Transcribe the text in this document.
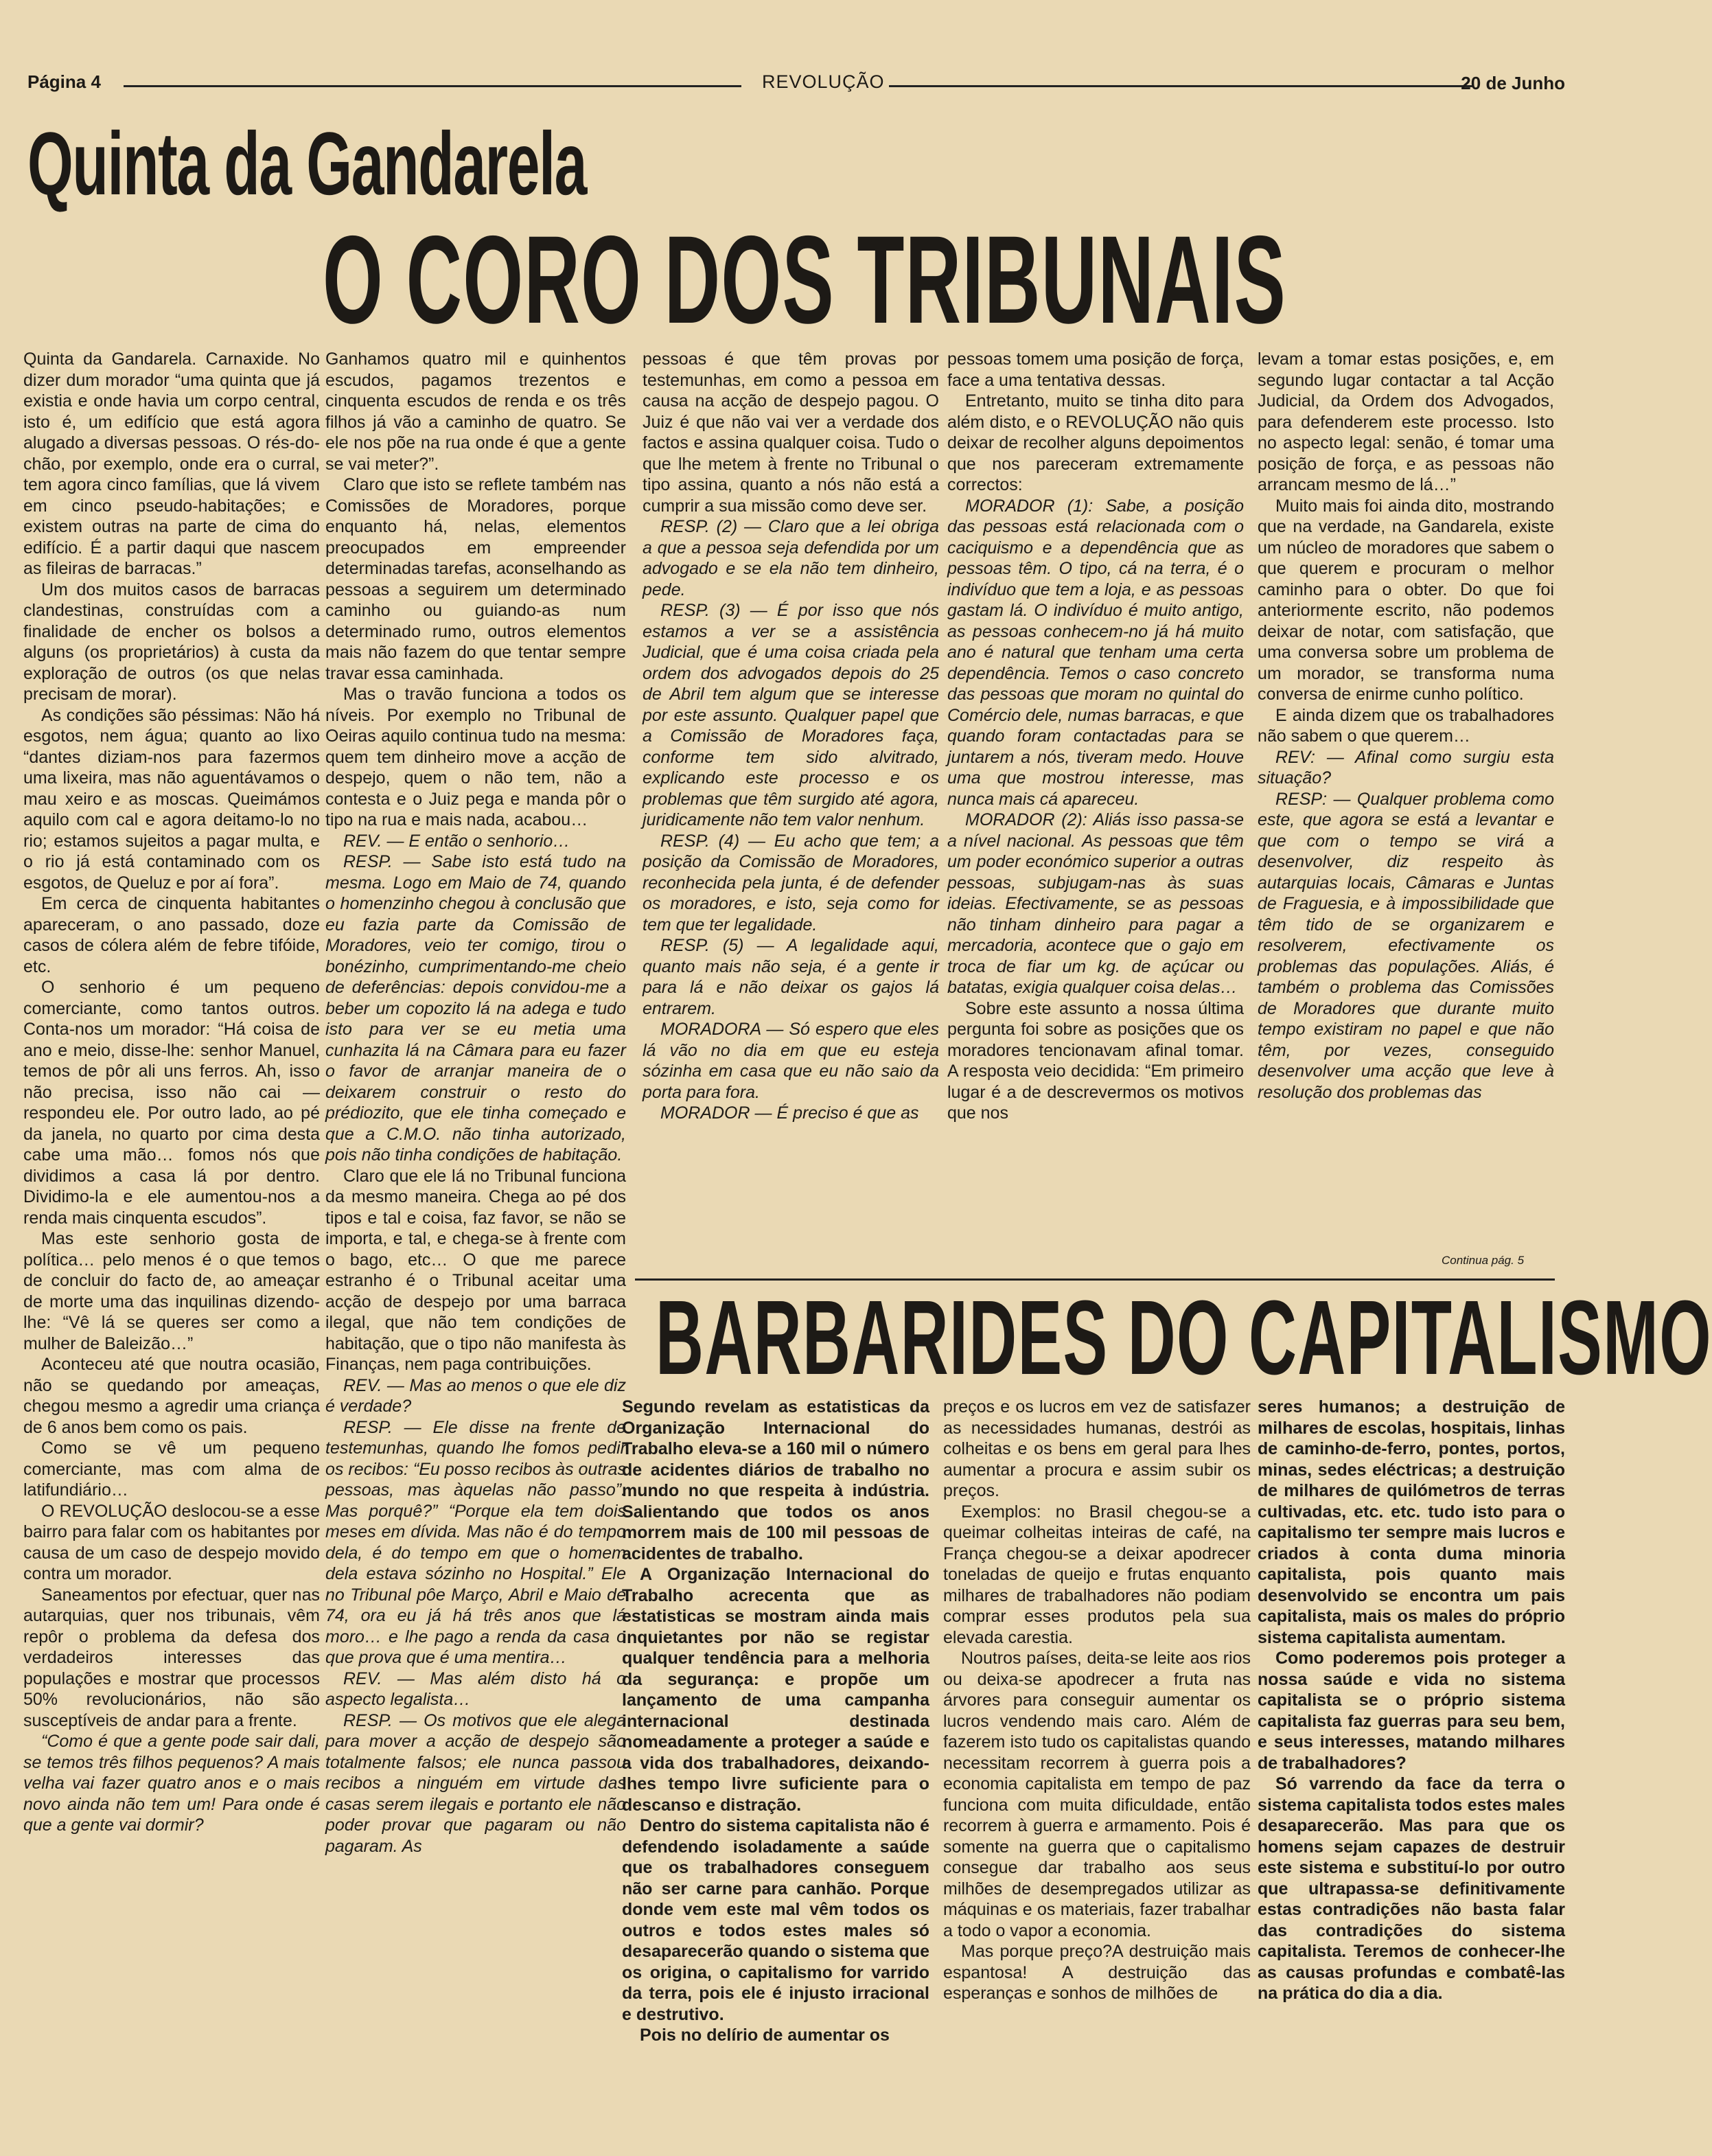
Página 4	REVOLUÇÃO	20 de Junho
Quinta da Gandarela
O CORO DOS TRIBUNAIS

Quinta da Gandarela. Carnaxide. No dizer dum morador “uma quinta que já existia e onde havia um corpo central, isto é, um edifício que está agora alugado a diversas pessoas. O rés-do-chão, por exemplo, onde era o curral, tem agora cinco famílias, que lá vivem em cinco pseudo-habitações; e existem outras na parte de cima do edifício. É a partir daqui que nascem as fileiras de barracas.”

Um dos muitos casos de barracas clandestinas, construídas com a finalidade de encher os bolsos a alguns (os proprietários) à custa da exploração de outros (os que nelas precisam de morar).

As condições são péssimas: Não há esgotos, nem água; quanto ao lixo “dantes diziam-nos para fazermos uma lixeira, mas não aguentávamos o mau xeiro e as moscas. Queimámos aquilo com cal e agora deitamo-lo no rio; estamos sujeitos a pagar multa, e o rio já está contaminado com os esgotos, de Queluz e por aí fora”.

Em cerca de cinquenta habitantes apareceram, o ano passado, doze casos de cólera além de febre tifóide, etc.

O senhorio é um pequeno comerciante, como tantos outros. Conta-nos um morador: “Há coisa de ano e meio, disse-lhe: senhor Manuel, temos de pôr ali uns ferros. Ah, isso não precisa, isso não cai — respondeu ele. Por outro lado, ao pé da janela, no quarto por cima desta cabe uma mão… fomos nós que dividimos a casa lá por dentro. Dividimo-la e ele aumentou-nos a renda mais cinquenta escudos”.

Mas este senhorio gosta de política… pelo menos é o que temos de concluir do facto de, ao ameaçar de morte uma das inquilinas dizendo-lhe: “Vê lá se queres ser como a mulher de Baleizão…”

Aconteceu até que noutra ocasião, não se quedando por ameaças, chegou mesmo a agredir uma criança de 6 anos bem como os pais.

Como se vê um pequeno comerciante, mas com alma de latifundiário…

O REVOLUÇÃO deslocou-se a esse bairro para falar com os habitantes por causa de um caso de despejo movido contra um morador.

Saneamentos por efectuar, quer nas autarquias, quer nos tribunais, vêm repôr o problema da defesa dos verdadeiros interesses das populações e mostrar que processos 50% revolucionários, não são susceptíveis de andar para a frente.

“Como é que a gente pode sair dali, se temos três filhos pequenos? A mais velha vai fazer quatro anos e o mais novo ainda não tem um! Para onde é que a gente vai dormir?

Ganhamos quatro mil e quinhentos escudos, pagamos trezentos e cinquenta escudos de renda e os três filhos já vão a caminho de quatro. Se ele nos põe na rua onde é que a gente se vai meter?”.

Claro que isto se reflete também nas Comissões de Moradores, porque enquanto há, nelas, elementos preocupados em empreender determinadas tarefas, aconselhando as pessoas a seguirem um determinado caminho ou guiando-as num determinado rumo, outros elementos mais não fazem do que tentar sempre travar essa caminhada.

Mas o travão funciona a todos os níveis. Por exemplo no Tribunal de Oeiras aquilo continua tudo na mesma: quem tem dinheiro move a acção de despejo, quem o não tem, não a contesta e o Juiz pega e manda pôr o tipo na rua e mais nada, acabou…

REV. — E então o senhorio…

RESP. — Sabe isto está tudo na mesma. Logo em Maio de 74, quando o homenzinho chegou à conclusão que eu fazia parte da Comissão de Moradores, veio ter comigo, tirou o bonézinho, cumprimentando-me cheio de deferências: depois convidou-me a beber um copozito lá na adega e tudo isto para ver se eu metia uma cunhazita lá na Câmara para eu fazer o favor de arranjar maneira de o deixarem construir o resto do prédiozito, que ele tinha começado e que a C.M.O. não tinha autorizado, pois não tinha condições de habitação.

Claro que ele lá no Tribunal funciona da mesmo maneira. Chega ao pé dos tipos e tal e coisa, faz favor, se não se importa, e tal, e chega-se à frente com o bago, etc… O que me parece estranho é o Tribunal aceitar uma acção de despejo por uma barraca ilegal, que não tem condições de habitação, que o tipo não manifesta às Finanças, nem paga contribuições.

REV. — Mas ao menos o que ele diz é verdade?

RESP. — Ele disse na frente de testemunhas, quando lhe fomos pedir os recibos: “Eu posso recibos às outras pessoas, mas àquelas não passo”. Mas porquê?” “Porque ela tem dois meses em dívida. Mas não é do tempo dela, é do tempo em que o homem dela estava sózinho no Hospital.” Ele no Tribunal pôe Março, Abril e Maio de 74, ora eu já há três anos que lá moro… e lhe pago a renda da casa o que prova que é uma mentira…

REV. — Mas além disto há o aspecto legalista…

RESP. — Os motivos que ele alega para mover a acção de despejo são totalmente falsos; ele nunca passou recibos a ninguém em virtude das casas serem ilegais e portanto ele não poder provar que pagaram ou não pagaram. As

pessoas é que têm provas por testemunhas, em como a pessoa em causa na acção de despejo pagou. O Juiz é que não vai ver a verdade dos factos e assina qualquer coisa. Tudo o que lhe metem à frente no Tribunal o tipo assina, quanto a nós não está a cumprir a sua missão como deve ser.

RESP. (2) — Claro que a lei obriga a que a pessoa seja defendida por um advogado e se ela não tem dinheiro, pede.

RESP. (3) — É por isso que nós estamos a ver se a assistência Judicial, que é uma coisa criada pela ordem dos advogados depois do 25 de Abril tem algum que se interesse por este assunto. Qualquer papel que a Comissão de Moradores faça, conforme tem sido alvitrado, explicando este processo e os problemas que têm surgido até agora, juridicamente não tem valor nenhum.

RESP. (4) — Eu acho que tem; a posição da Comissão de Moradores, reconhecida pela junta, é de defender os moradores, e isto, seja como for tem que ter legalidade.

RESP. (5) — A legalidade aqui, quanto mais não seja, é a gente ir para lá e não deixar os gajos lá entrarem.

MORADORA — Só espero que eles lá vão no dia em que eu esteja sózinha em casa que eu não saio da porta para fora.

MORADOR — É preciso é que as

pessoas tomem uma posição de força, face a uma tentativa dessas.

Entretanto, muito se tinha dito para além disto, e o REVOLUÇÃO não quis deixar de recolher alguns depoimentos que nos pareceram extremamente correctos:

MORADOR (1): Sabe, a posição das pessoas está relacionada com o caciquismo e a dependência que as pessoas têm. O tipo, cá na terra, é o indivíduo que tem a loja, e as pessoas gastam lá. O indivíduo é muito antigo, as pessoas conhecem-no já há muito ano é natural que tenham uma certa dependência. Temos o caso concreto das pessoas que moram no quintal do Comércio dele, numas barracas, e que quando foram contactadas para se juntarem a nós, tiveram medo. Houve uma que mostrou interesse, mas nunca mais cá apareceu.

MORADOR (2): Aliás isso passa-se a nível nacional. As pessoas que têm um poder económico superior a outras pessoas, subjugam-nas às suas ideias. Efectivamente, se as pessoas não tinham dinheiro para pagar a mercadoria, acontece que o gajo em troca de fiar um kg. de açúcar ou batatas, exigia qualquer coisa delas…

Sobre este assunto a nossa última pergunta foi sobre as posições que os moradores tencionavam afinal tomar. A resposta veio decidida: “Em primeiro lugar é a de descrevermos os motivos que nos

levam a tomar estas posições, e, em segundo lugar contactar a tal Acção Judicial, da Ordem dos Advogados, para defenderem este processo. Isto no aspecto legal: senão, é tomar uma posição de força, e as pessoas não arrancam mesmo de lá…”

Muito mais foi ainda dito, mostrando que na verdade, na Gandarela, existe um núcleo de moradores que sabem o que querem e procuram o melhor caminho para o obter. Do que foi anteriormente escrito, não podemos deixar de notar, com satisfação, que uma conversa sobre um problema de um morador, se transforma numa conversa de enirme cunho político.

E ainda dizem que os trabalhadores não sabem o que querem…

REV: — Afinal como surgiu esta situação?

RESP: — Qualquer problema como este, que agora se está a levantar e que com o tempo se virá a desenvolver, diz respeito às autarquias locais, Câmaras e Juntas de Fraguesia, e à impossibilidade que têm tido de se organizarem e resolverem, efectivamente os problemas das populações. Aliás, é também o problema das Comissões de Moradores que durante muito tempo existiram no papel e que não têm, por vezes, conseguido desenvolver uma acção que leve à resolução dos problemas das

Continua pág. 5
BARBARIDES DO CAPITALISMO

Segundo revelam as estatisticas da Organização Internacional do Trabalho eleva-se a 160 mil o número de acidentes diários de trabalho no mundo no que respeita à indústria. Salientando que todos os anos morrem mais de 100 mil pessoas de acidentes de trabalho.

A Organização Internacional do Trabalho acrecenta que as estatisticas se mostram ainda mais inquietantes por não se registar qualquer tendência para a melhoria da segurança: e propõe um lançamento de uma campanha internacional destinada nomeadamente a proteger a saúde e a vida dos trabalhadores, deixando-lhes tempo livre suficiente para o descanso e distração.

Dentro do sistema capitalista não é defendendo isoladamente a saúde que os trabalhadores conseguem não ser carne para canhão. Porque donde vem este mal vêm todos os outros e todos estes males só desaparecerão quando o sistema que os origina, o capitalismo for varrido da terra, pois ele é injusto irracional e destrutivo.

Pois no delírio de aumentar os

preços e os lucros em vez de satisfazer as necessidades humanas, destrói as colheitas e os bens em geral para lhes aumentar a procura e assim subir os preços.

Exemplos: no Brasil chegou-se a queimar colheitas inteiras de café, na França chegou-se a deixar apodrecer toneladas de queijo e frutas enquanto milhares de trabalhadores não podiam comprar esses produtos pela sua elevada carestia.

Noutros países, deita-se leite aos rios ou deixa-se apodrecer a fruta nas árvores para conseguir aumentar os lucros vendendo mais caro. Além de fazerem isto tudo os capitalistas quando necessitam recorrem à guerra pois a economia capitalista em tempo de paz funciona com muita dificuldade, então recorrem à guerra e armamento. Pois é somente na guerra que o capitalismo consegue dar trabalho aos seus milhões de desempregados utilizar as máquinas e os materiais, fazer trabalhar a todo o vapor a economia.

Mas porque preço?A destruição mais espantosa! A destruição das esperanças e sonhos de milhões de

seres humanos; a destruição de milhares de escolas, hospitais, linhas de caminho-de-ferro, pontes, portos, minas, sedes eléctricas; a destruição de milhares de quilómetros de terras cultivadas, etc. etc. tudo isto para o capitalismo ter sempre mais lucros e criados à conta duma minoria capitalista, pois quanto mais desenvolvido se encontra um pais capitalista, mais os males do próprio sistema capitalista aumentam.

Como poderemos pois proteger a nossa saúde e vida no sistema capitalista se o próprio sistema capitalista faz guerras para seu bem, e seus interesses, matando milhares de trabalhadores?

Só varrendo da face da terra o sistema capitalista todos estes males desaparecerão. Mas para que os homens sejam capazes de destruir este sistema e substituí-lo por outro que ultrapassa-se definitivamente estas contradições não basta falar das contradições do sistema capitalista. Teremos de conhecer-lhe as causas profundas e combatê-las na prática do dia a dia.
